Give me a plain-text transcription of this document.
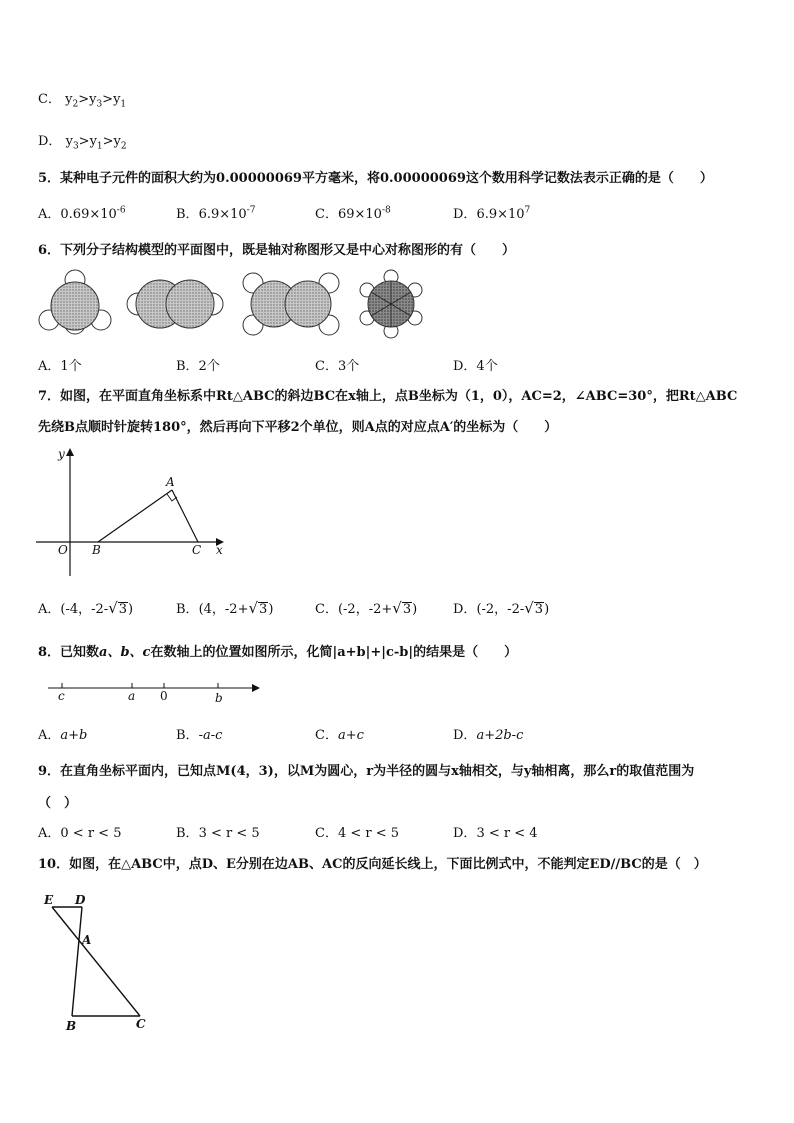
C． $y_2>y_3>y_1$
D． $y_3>y_1>y_2$
5．某种电子元件的面积大约为0.00000069平方毫米，将0.00000069这个数用科学记数法表示正确的是（　　）
A．$0.69\times 10^{-6}$	B．$6.9\times 10^{-7}$	C．$69\times 10^{-8}$	D．$6.9\times 10^7$
6．下列分子结构模型的平面图中，既是轴对称图形又是中心对称图形的有（　　）
A．1个	B．2个	C．3个	D．4个
7．如图，在平面直角坐标系中Rt△ABC的斜边BC在x轴上，点B坐标为（1，0），AC=2，∠ABC=30°，把Rt△ABC
先绕B点顺时针旋转180°，然后再向下平移2个单位，则A点的对应点A′的坐标为（　　）
y
x
O B	C
A
A．(-4，-2-√3)	B．(4，-2+√3)	C．(-2，-2+√3)	D．(-2，-2-√3)
8．已知数a、b、c在数轴上的位置如图所示，化简|a+b|+|c-b|的结果是（　　）
c	a 0	b
A．a+b	B．-a-c	C．a+c	D．a+2b-c
9．在直角坐标平面内，已知点M(4，3)，以M为圆心，r为半径的圆与x轴相交，与y轴相离，那么r的取值范围为
（　）
A．0 < r < 5	B．3 < r < 5	C．4 < r < 5	D．3 < r < 4
10．如图，在△ABC中，点D、E分别在边AB、AC的反向延长线上，下面比例式中，不能判定ED//BC的是（　）
E D
A
B	C
